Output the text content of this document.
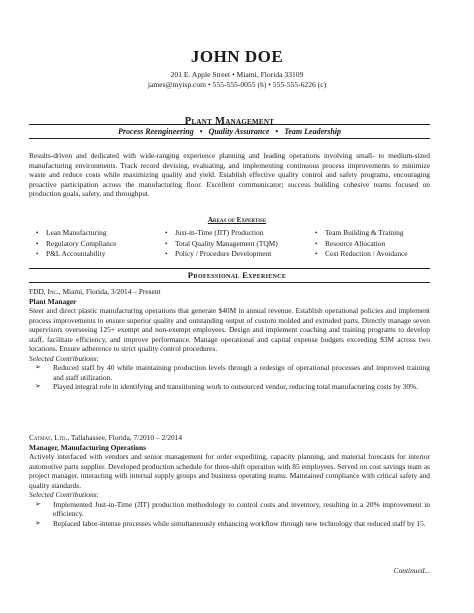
JOHN DOE
201 E. Apple Street • Miami, Florida 33109
james@myisp.com • 555-555-0055 (h) • 555-555-6226 (c)
Plant Management
Process Reengineering • Quality Assurance • Team Leadership
Results-driven and dedicated with wide-ranging experience planning and leading operations involving small- to medium-sized manufacturing environments. Track record devising, evaluating, and implementing continuous process improvements to minimize waste and reduce costs while maximizing quality and yield. Establish effective quality control and safety programs, encouraging proactive participation across the manufacturing floor. Excellent communicator; success building cohesive teams focused on production goals, safety, and throughput.
Areas of Expertise
• Lean Manufacturing
• Regulatory Compliance
• P&L Accountability
• Just-in-Time (JIT) Production
• Total Quality Management (TQM)
• Policy / Procedure Development
• Team Building & Training
• Resource Allocation
• Cost Reduction / Avoidance
Professional Experience
FDD, Inc., Miami, Florida, 3/2014 – Present
Plant Manager
Steer and direct plastic manufacturing operations that generate $40M in annual revenue. Establish operational policies and implement process improvements to ensure superior quality and outstanding output of custom molded and extruded parts. Directly manage seven supervisors overseeing 125+ exempt and non-exempt employees. Design and implement coaching and training programs to develop staff, facilitate efficiency, and improve performance. Manage operational and capital expense budgets exceeding $3M across two locations. Ensure adherence to strict quality control procedures.
Selected Contributions:
➢ Reduced staff by 40 while maintaining production levels through a redesign of operational processes and improved training and staff utilization.
➢ Played integral role in identifying and transitioning work to outsourced vendor, reducing total manufacturing costs by 30%.
Catmat, Ltd., Tallahassee, Florida, 7/2010 – 2/2014
Manager, Manufacturing Operations
Actively interfaced with vendors and senior management for order expediting, capacity planning, and material forecasts for interior automotive parts supplier. Developed production schedule for three-shift operation with 85 employees. Served on cost savings team as project manager, interacting with internal supply groups and business operating teams. Maintained compliance with critical safety and quality standards.
Selected Contributions:
➢ Implemented Just-in-Time (JIT) production methodology to control costs and inventory, resulting in a 20% improvement in efficiency.
➢ Replaced labor-intense processes while simultaneously enhancing workflow through new technology that reduced staff by 15.
Continued...
